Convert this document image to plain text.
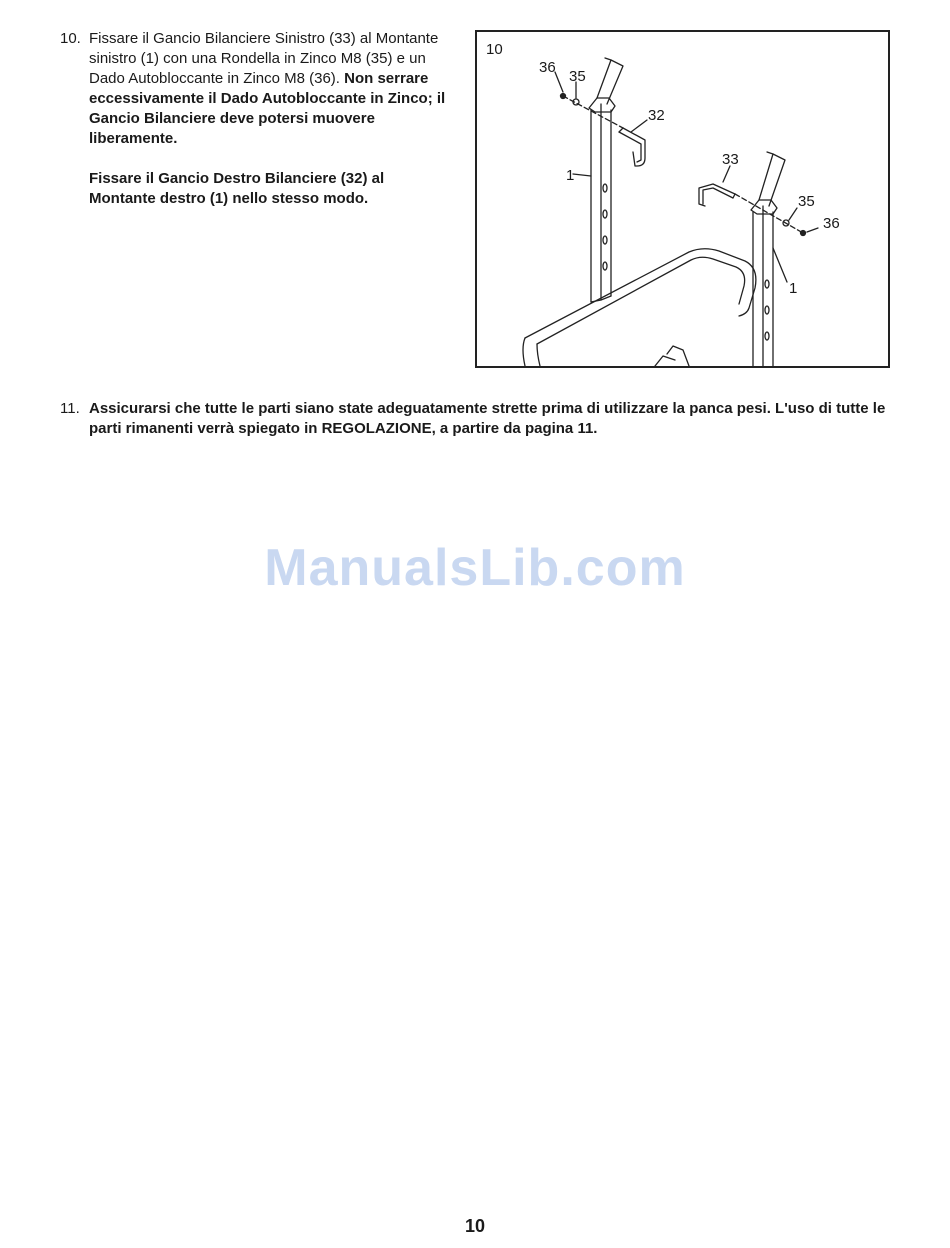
10. Fissare il Gancio Bilanciere Sinistro (33) al Montante sinistro (1) con una Rondella in Zinco M8 (35) e un Dado Autobloccante in Zinco M8 (36). Non serrare eccessivamente il Dado Autobloccante in Zinco; il Gancio Bilanciere deve potersi muovere liberamente.

Fissare il Gancio Destro Bilanciere (32) al Montante destro (1) nello stesso modo.

10
36
35
32
1
33
35
36
1
11. Assicurarsi che tutte le parti siano state adeguatamente strette prima di utilizzare la panca pesi. L'uso di tutte le parti rimanenti verrà spiegato in REGOLAZIONE, a partire da pagina 11.
ManualsLib.com
10
